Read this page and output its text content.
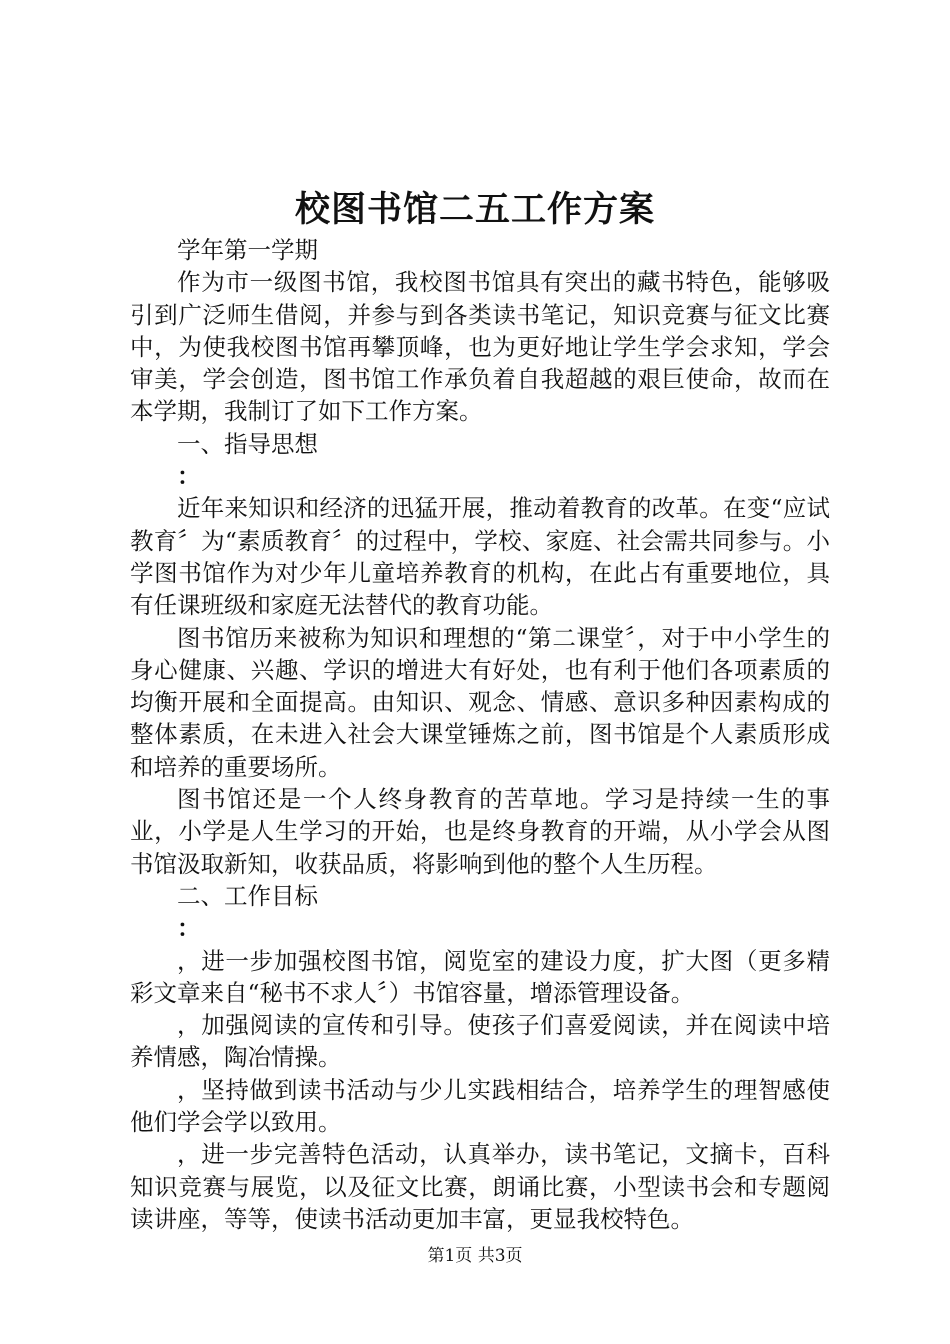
校图书馆二五工作方案

学年第一学期

作为市一级图书馆，我校图书馆具有突出的藏书特色，能够吸引到广泛师生借阅，并参与到各类读书笔记，知识竞赛与征文比赛中，为使我校图书馆再攀顶峰，也为更好地让学生学会求知，学会审美，学会创造，图书馆工作承负着自我超越的艰巨使命，故而在本学期，我制订了如下工作方案。

一、指导思想

：

近年来知识和经济的迅猛开展，推动着教育的改革。在变“应试教育〞为“素质教育〞的过程中，学校、家庭、社会需共同参与。小学图书馆作为对少年儿童培养教育的机构，在此占有重要地位，具有任课班级和家庭无法替代的教育功能。

图书馆历来被称为知识和理想的“第二课堂〞，对于中小学生的身心健康、兴趣、学识的增进大有好处，也有利于他们各项素质的均衡开展和全面提高。由知识、观念、情感、意识多种因素构成的整体素质，在未进入社会大课堂锤炼之前，图书馆是个人素质形成和培养的重要场所。

图书馆还是一个人终身教育的苦草地。学习是持续一生的事业，小学是人生学习的开始，也是终身教育的开端，从小学会从图书馆汲取新知，收获品质，将影响到他的整个人生历程。

二、工作目标

：

，进一步加强校图书馆，阅览室的建设力度，扩大图（更多精彩文章来自“秘书不求人〞）书馆容量，增添管理设备。

，加强阅读的宣传和引导。使孩子们喜爱阅读，并在阅读中培养情感，陶冶情操。

，坚持做到读书活动与少儿实践相结合，培养学生的理智感使他们学会学以致用。

，进一步完善特色活动，认真举办，读书笔记，文摘卡，百科知识竞赛与展览，以及征文比赛，朗诵比赛，小型读书会和专题阅读讲座，等等，使读书活动更加丰富，更显我校特色。

第1页 共3页
